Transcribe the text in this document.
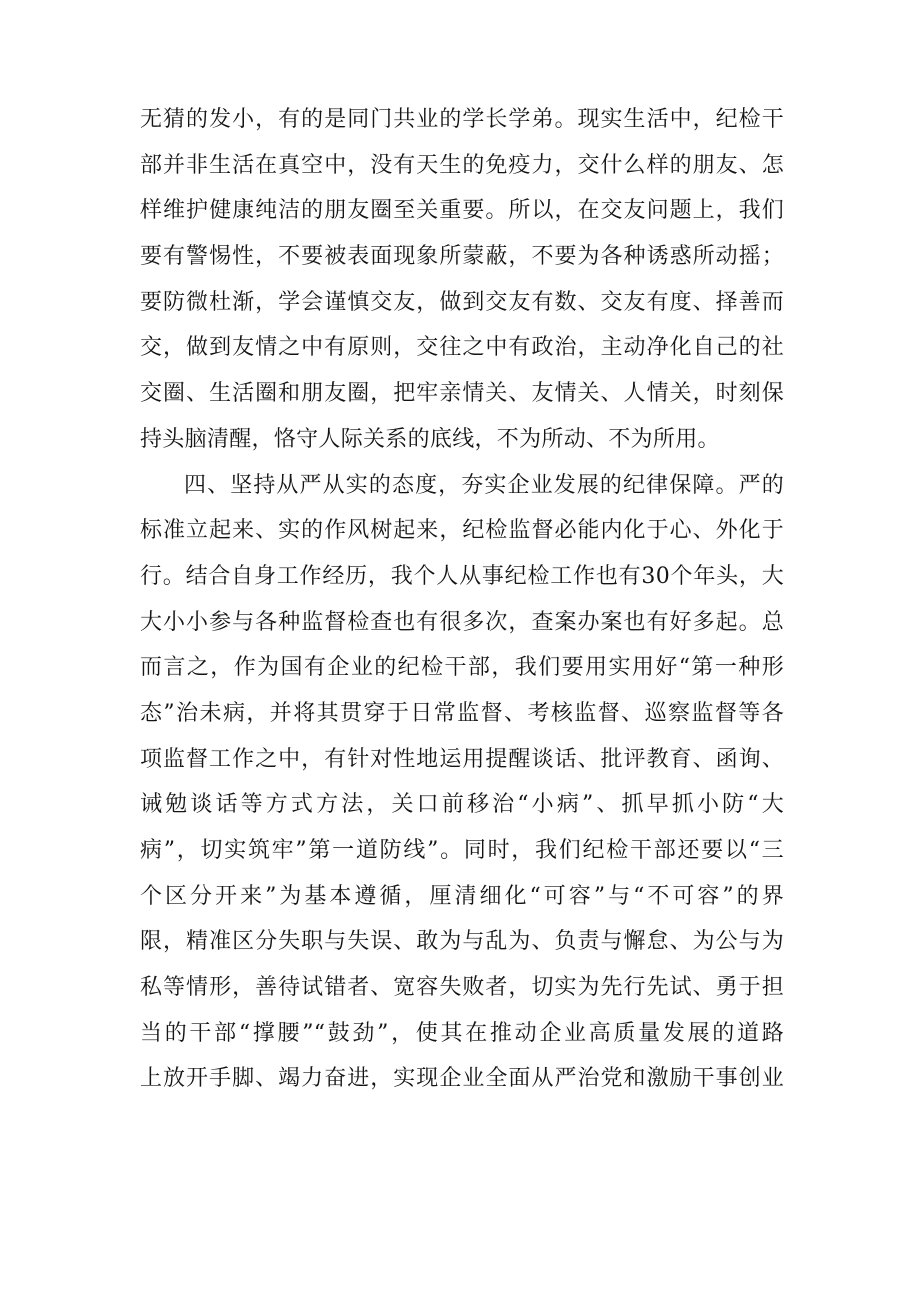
无猜的发小，有的是同门共业的学长学弟。现实生活中，纪检干
部并非生活在真空中，没有天生的免疫力，交什么样的朋友、怎
样维护健康纯洁的朋友圈至关重要。所以，在交友问题上，我们
要有警惕性，不要被表面现象所蒙蔽，不要为各种诱惑所动摇；
要防微杜渐，学会谨慎交友，做到交友有数、交友有度、择善而
交，做到友情之中有原则，交往之中有政治，主动净化自己的社
交圈、生活圈和朋友圈，把牢亲情关、友情关、人情关，时刻保
持头脑清醒，恪守人际关系的底线，不为所动、不为所用。
四、坚持从严从实的态度，夯实企业发展的纪律保障。严的
标准立起来、实的作风树起来，纪检监督必能内化于心、外化于
行。结合自身工作经历，我个人从事纪检工作也有30个年头，大
大小小参与各种监督检查也有很多次，查案办案也有好多起。总
而言之，作为国有企业的纪检干部，我们要用实用好“第一种形
态”治未病，并将其贯穿于日常监督、考核监督、巡察监督等各
项监督工作之中，有针对性地运用提醒谈话、批评教育、函询、
诫勉谈话等方式方法，关口前移治“小病”、抓早抓小防“大
病”，切实筑牢”第一道防线”。同时，我们纪检干部还要以“三
个区分开来”为基本遵循，厘清细化“可容”与“不可容”的界
限，精准区分失职与失误、敢为与乱为、负责与懈怠、为公与为
私等情形，善待试错者、宽容失败者，切实为先行先试、勇于担
当的干部“撑腰”“鼓劲”，使其在推动企业高质量发展的道路
上放开手脚、竭力奋进，实现企业全面从严治党和激励干事创业
